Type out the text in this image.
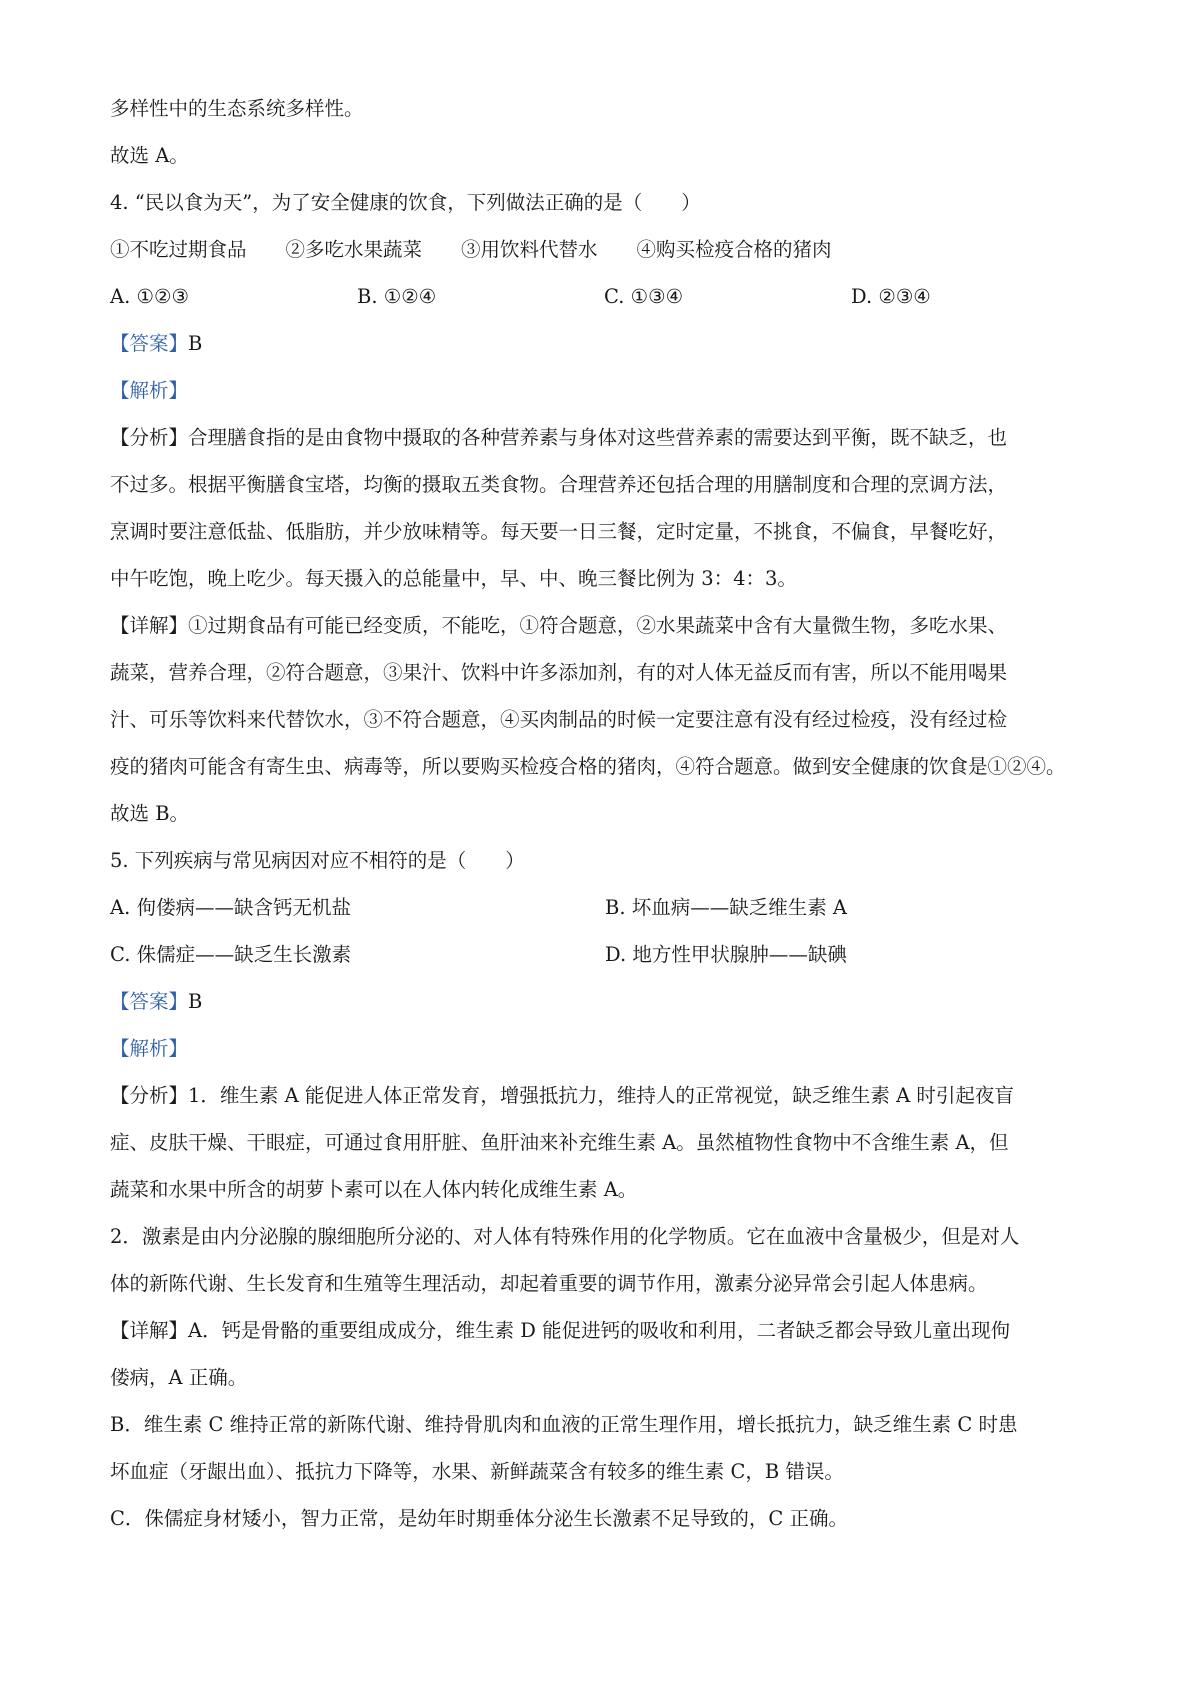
多样性中的生态系统多样性。
故选 A。
4. “民以食为天”，为了安全健康的饮食，下列做法正确的是（　　）
①不吃过期食品　　②多吃水果蔬菜　　③用饮料代替水　　④购买检疫合格的猪肉
A. ①②③	B. ①②④	C. ①③④	D. ②③④
【答案】B
【解析】
【分析】合理膳食指的是由食物中摄取的各种营养素与身体对这些营养素的需要达到平衡，既不缺乏，也
不过多。根据平衡膳食宝塔，均衡的摄取五类食物。合理营养还包括合理的用膳制度和合理的烹调方法，
烹调时要注意低盐、低脂肪，并少放味精等。每天要一日三餐，定时定量，不挑食，不偏食，早餐吃好，
中午吃饱，晚上吃少。每天摄入的总能量中，早、中、晚三餐比例为 3：4：3。
【详解】①过期食品有可能已经变质，不能吃，①符合题意，②水果蔬菜中含有大量微生物，多吃水果、
蔬菜，营养合理，②符合题意，③果汁、饮料中许多添加剂，有的对人体无益反而有害，所以不能用喝果
汁、可乐等饮料来代替饮水，③不符合题意，④买肉制品的时候一定要注意有没有经过检疫，没有经过检
疫的猪肉可能含有寄生虫、病毒等，所以要购买检疫合格的猪肉，④符合题意。做到安全健康的饮食是①②④。
故选 B。
5. 下列疾病与常见病因对应不相符的是（　　）
A. 佝偻病——缺含钙无机盐	B. 坏血病——缺乏维生素 A
C. 侏儒症——缺乏生长激素	D. 地方性甲状腺肿——缺碘
【答案】B
【解析】
【分析】1．维生素 A 能促进人体正常发育，增强抵抗力，维持人的正常视觉，缺乏维生素 A 时引起夜盲
症、皮肤干燥、干眼症，可通过食用肝脏、鱼肝油来补充维生素 A。虽然植物性食物中不含维生素 A，但
蔬菜和水果中所含的胡萝卜素可以在人体内转化成维生素 A。
2．激素是由内分泌腺的腺细胞所分泌的、对人体有特殊作用的化学物质。它在血液中含量极少，但是对人
体的新陈代谢、生长发育和生殖等生理活动，却起着重要的调节作用，激素分泌异常会引起人体患病。
【详解】A．钙是骨骼的重要组成成分，维生素 D 能促进钙的吸收和利用，二者缺乏都会导致儿童出现佝
偻病，A 正确。
B．维生素 C 维持正常的新陈代谢、维持骨肌肉和血液的正常生理作用，增长抵抗力，缺乏维生素 C 时患
坏血症（牙龈出血）、抵抗力下降等，水果、新鲜蔬菜含有较多的维生素 C，B 错误。
C．侏儒症身材矮小，智力正常，是幼年时期垂体分泌生长激素不足导致的，C 正确。
